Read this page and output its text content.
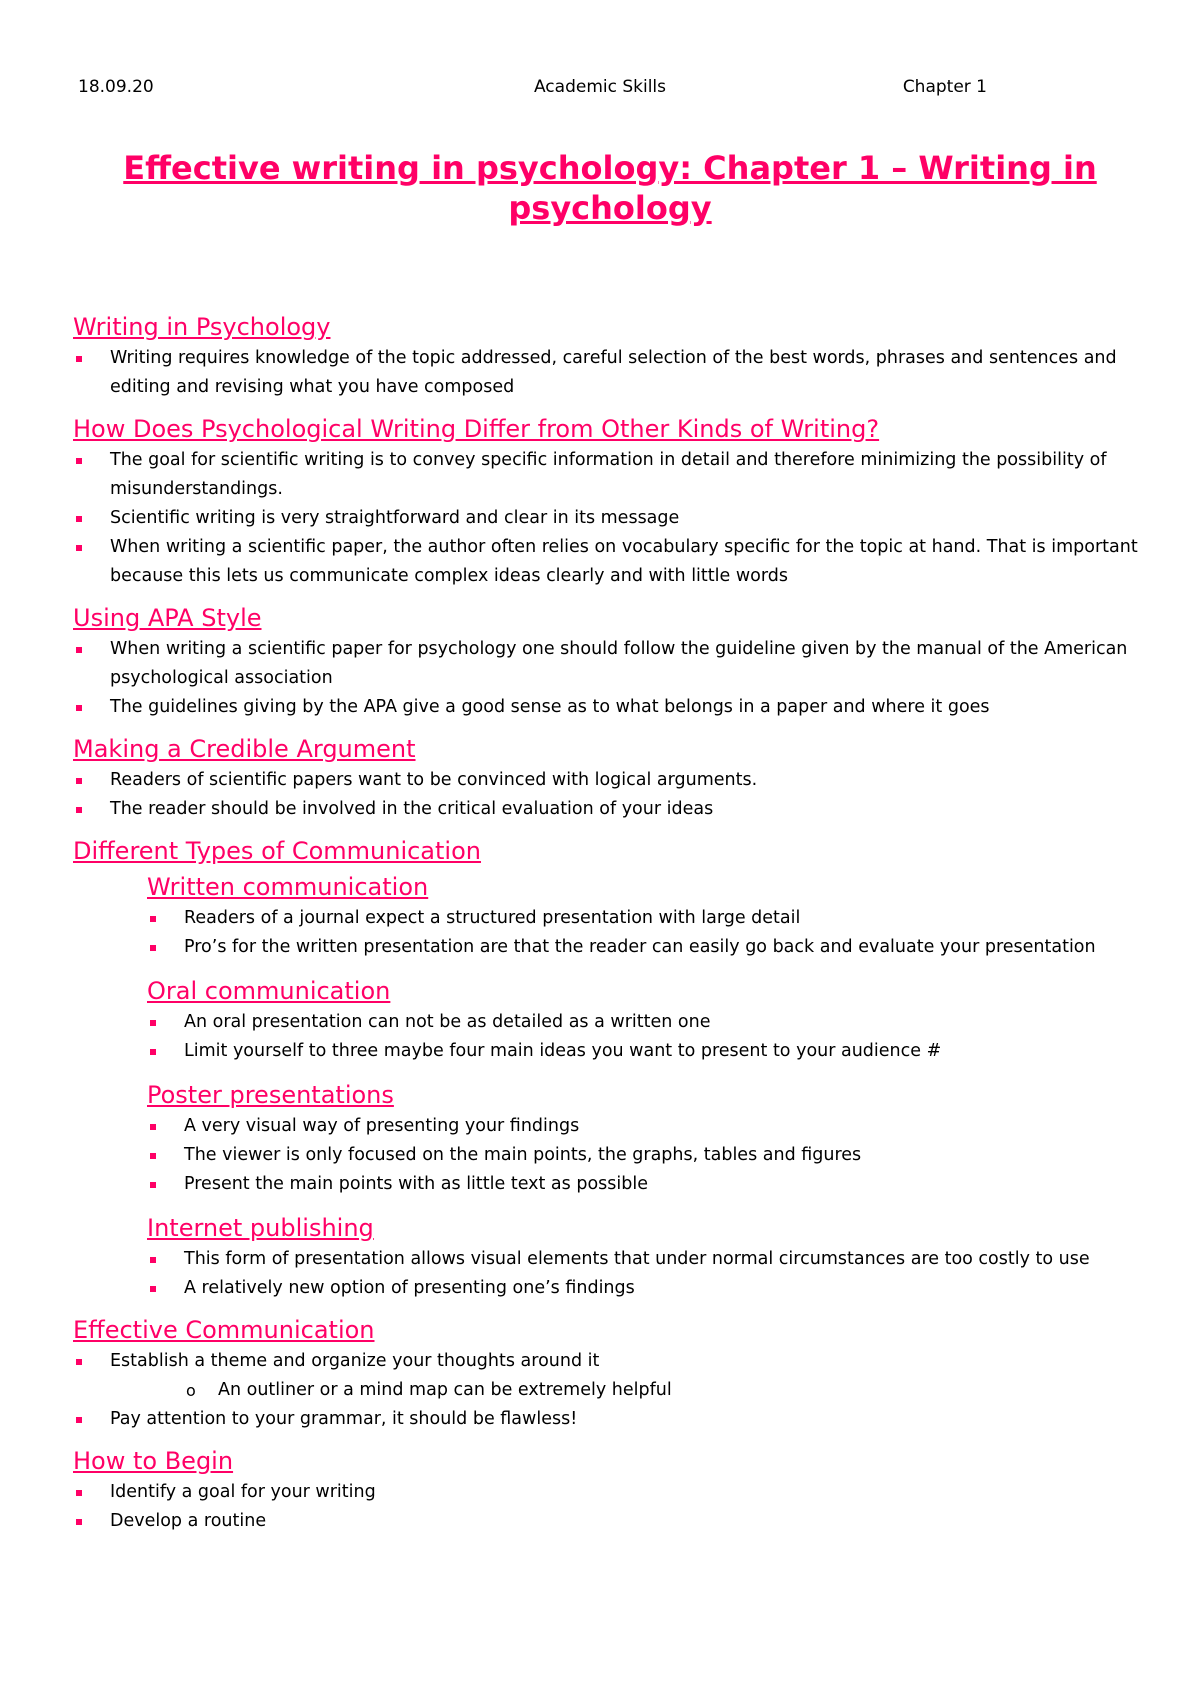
18.09.20	Academic Skills	Chapter 1
Effective writing in psychology: Chapter 1 – Writing in psychology
Writing in Psychology
Writing requires knowledge of the topic addressed, careful selection of the best words, phrases and sentences and editing and revising what you have composed
How Does Psychological Writing Differ from Other Kinds of Writing?
The goal for scientific writing is to convey specific information in detail and therefore minimizing the possibility of misunderstandings.
Scientific writing is very straightforward and clear in its message
When writing a scientific paper, the author often relies on vocabulary specific for the topic at hand. That is important because this lets us communicate complex ideas clearly and with little words
Using APA Style
When writing a scientific paper for psychology one should follow the guideline given by the manual of the American psychological association
The guidelines giving by the APA give a good sense as to what belongs in a paper and where it goes
Making a Credible Argument
Readers of scientific papers want to be convinced with logical arguments.
The reader should be involved in the critical evaluation of your ideas
Different Types of Communication
Written communication
Readers of a journal expect a structured presentation with large detail
Pro’s for the written presentation are that the reader can easily go back and evaluate your presentation
Oral communication
An oral presentation can not be as detailed as a written one
Limit yourself to three maybe four main ideas you want to present to your audience #
Poster presentations
A very visual way of presenting your findings
The viewer is only focused on the main points, the graphs, tables and figures
Present the main points with as little text as possible
Internet publishing
This form of presentation allows visual elements that under normal circumstances are too costly to use
A relatively new option of presenting one’s findings
Effective Communication
Establish a theme and organize your thoughts around it
o An outliner or a mind map can be extremely helpful
Pay attention to your grammar, it should be flawless!
How to Begin
Identify a goal for your writing
Develop a routine
